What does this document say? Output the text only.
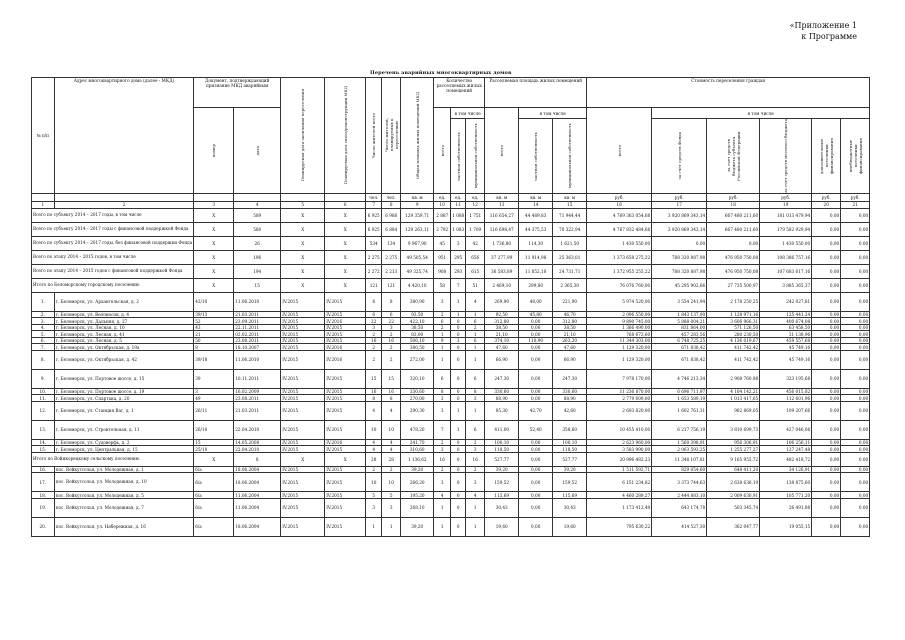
«Приложение 1
к Программе
Перечень аварийных многоквартирных домов
№ п/п	Адрес многоквартирного дома (далее - МКД)	Документ, подтверждающий признание МКД аварийным		Планируемая дата окончания переселения	Планируемая дата сноса/реконструкции МКД	Число жителей всего	Число жителей, планируемых к переселению	Общая площадь жилых помещений МКД	Количество расселяемых жилых помещений			Расселяемая площадь жилых помещений			Стоимость переселения граждан					

		номер	дата						всего	в том числе		всего	в том числе		всего	в том числе				

										частная собственность	муниципальная собственность		частная собственность	муниципальная собственность		за счет средств Фонда	за счет средств бюджета субъекта Российской Федерации	за счет средств местного бюджета	дополнительные источники финансирования	внебюджетные источники финансирования

						чел.	чел.	кв. м	ед.	ед.	ед.	кв. м	кв. м	кв. м	руб.	руб.	руб.	руб.	руб.	руб.
1	2	3	4	5	6	7	8	9	10	11	12	13	14	15	16	17	18	19	20	21
Всего по субъекту 2014 – 2017 годы, в том числе		X	589	X	X	6 925	6 988	129 359,71	2 887	1 088	1 751	116 654,27	44 489,83	71 944,44	4 769 363 054,68	3 920 869 343,14	667 480 211,60	181 013 479,94	0,00	0,00
Всего по субъекту 2014 – 2017 годы с финансовой поддержкой Фонда		X	580	X	X	6 925	6 884	129 263,11	2 792	1 083	1 709	116 698,47	44 375,53	70 322,94	4 767 832 484,68	3 920 869 343,14	667 480 211,60	179 582 929,94	0,00	0,00
Всего по субъекту 2014 – 2017 годы, без финансовой поддержки Фонда		X	26	X	X	534	134	9 967,90	45	3	42	1 736,80	114,30	1 621,50	1 430 550,00	0,00	0,00	1 430 550,00	0,00	0,00
Всего по этапу 2014 – 2015 годов, в том числе		X	196	X	X	2 275	2 275	49 505,54	951	295	656	37 277,99	11 914,98	25 363,01	1 373 658 275,22	788 320 887,98	476 950 750,08	108 386 757,16	0,00	0,00
Всего по этапу 2014 – 2015 годов с финансовой поддержкой Фонда		X	194	X	X	2 272	2 213	49 325,74	908	293	615	36 583,89	11 852,18	24 731,71	1 372 955 255,22	788 320 887,98	476 950 750,08	107 683 617,16	0,00	0,00
Итого по Беломорскому городскому поселению		X	15	X	X	121	121	4 420,10	58	7	51	2 469,10	299,80	2 365,30	76 076 760,00	45 295 902,66	27 735 500,97	3 885 365,37	0,00	0,00
1.	г. Беломорск, ул. Архангельская, д. 2	42/10	11.06.2010	IV.2015	IV.2015	8	8	380,90	3	1	4	269,90	48,00	221,90	5 974 520,00	3 554 241,94	2 178 250,25	242 027,81	0,00	0,00
2.	г. Беломорск, ул. Велоносов, д. 4	39/13	21.03.2011	IV.2015	IV.2015	6	6	93,50	2	1	1	92,50	45,80	46,70	2 096 550,00	1 843 137,90	1 128 971,16	125 441,24	0,00	0,00
3.	г. Беломорск, ул. Дальняя, д. 27	52	23.09.2011	IV.2015	IV.2016	22	22	422,10	6	0	6	312,80	0,00	312,80	9 890 745,00	5 888 004,21	3 606 966,31	400 674,08	0,00	0,00
4.	г. Беломорск, ул. Лесная, д. 10	43	22.11.2011	IV.2015	IV.2015	3	3	38,50	2	0	2	38,50	0,00	38,50	1 366 490,00	831 864,00	571 126,50	63 458,50	0,00	0,00
5.	г. Беломорск, ул. Лесная, д. 41	21	02.02.2011	IV.2015	IV.2015	2	2	83,00	1	0	1	21,10	0,00	21,10	768 673,60	457 283,56	280 230,50	31 138,96	0,00	0,00
6.	г. Беломорск, ул. Лесная, д. 5	50	23.08.2011	IV.2015	IV.2015	16	16	506,10	9	3	6	374,10	110,90	263,20	11 344 303,00	6 748 725,25	4 136 019,67	459 557,68	0,00	0,00
7.	г. Беломорск, ул. Октябрьская, д. 19а	8	18.10.2007	IV.2015	IV.2016	2	2	380,50	1	0	1	47,60	0,00	47,60	1 129 320,00	671 838,42	411 742,42	45 749,16	0,00	0,00
8.	г. Беломорск, ул. Октябрьская, д. 42	39/18	11.06.2010	IV.2015	IV.2016	2	2	272,00	1	0	1	66,90	0,00	66,90	1 129 320,00	671 838,42	411 742,42	45 749,16	0,00	0,00
9.	г. Беломорск, ул. Портовое шоссе, д. 15	39	10.11.2011	IV.2015	IV.2015	15	15	320,10	6	0	6	247,30	0,00	247,30	7 978 170,00	4 746 213,34	2 908 760,98	323 195,68	0,00	0,00
10.	г. Беломорск, ул. Портовое шоссе, д. 19	3	16.02.2009	IV.2015	IV.2015	16	16	330,60	8	0	8	330,60	0,00	330,60	11 236 870,00	6 696 711,97	4 104 142,21	456 015,82	0,00	0,00
11.	г. Беломорск, ул. Спартака, д. 20	49	23.08.2011	IV.2015	IV.2015	8	8	270,00	3	0	3	88,90	0,00	88,90	2 779 609,00	1 653 589,19	1 013 417,65	112 601,96	0,00	0,00
12.	г. Беломорск, ул. Станция Ваг, д. 1	26/11	21.03.2011	IV.2015	IV.2015	4	4	290,30	3	1	1	85,30	42,70	42,60	2 693 820,00	1 602 761,31	982 869,05	109 207,66	0,00	0,00
13.	г. Беломорск, ул. Строительная, д. 11	26/10	22.04.2010	IV.2015	IV.2015	10	10	478,20	7	1	6	411,00	52,40	358,60	10 455 410,00	6 217 756,19	3 810 699,73	427 046,08	0,00	0,00
14.	г. Беломорск, ул. Судоверфь, д. 2	15	14.05.2008	IV.2015	IV.2016	4	4	241,70	2	0	2	100,10	0,00	100,10	2 623 960,00	1 560 398,91	956 306,91	106 256,11	0,00	0,00
15.	г. Беломорск, ул. Центральная, д. 15	25/10	22.04.2010	IV.2015	IV.2015	4	4	310,60	3	0	3	118,50	0,00	118,50	3 583 990,00	2 063 593,25	1 255 277,27	127 247,48	0,00	0,00
Итого по Войнкорецкому сельскому поселению		X	8	X	X	28	28	1 136,62	16	0	16	527,77	0,00	527,77	20 996 482,23	11 348 107,81	9 165 955,72	482 418,72	0,00	0,00
16.	пос. Войкугсолья, ул. Молодежная, д. 1	6/а	18.06.2004	IV.2015	IV.2015	2	2	39,20	2	0	2	39,20	0,00	39,20	1 511 592,71	829 054,60	648 411,20	34 126,91	0,00	0,00
17.	пос. Войкугсолья, ул. Молодежная, д. 10	6/а	18.06.2004	IV.2015	IV.2015	10	10	266,20	3	0	3	159,52	0,00	159,52	6 151 234,82	3 373 744,63	2 638 636,19	138 875,60	0,00	0,00
18.	пос. Войкугсолья, ул. Молодежная, д. 5	6/а	11.06.2004	IV.2015	IV.2015	5	5	195,20	4	0	4	115,69	0,00	115,69	4 460 289,27	2 444 883,10	2 009 630,91	105 771,20	0,00	0,00
19.	пос. Войкугсолья, ул. Молодежная, д. 7	6/а	11.06.2004	IV.2015	IV.2015	3	3	268,10	1	0	1	30,43	0,00	30,43	1 173 412,49	643 174,78	503 345,74	26 491,88	0,00	0,00
20.	пос. Войкугсолья, ул. Набережная, д. 16	6/а	18.06.2004	IV.2015	IV.2015	1	1	39,20	1	0	1	19,60	0,00	19,60	795 630,22	414 527,30	362 047,77	19 055,15	0,00	0,00
